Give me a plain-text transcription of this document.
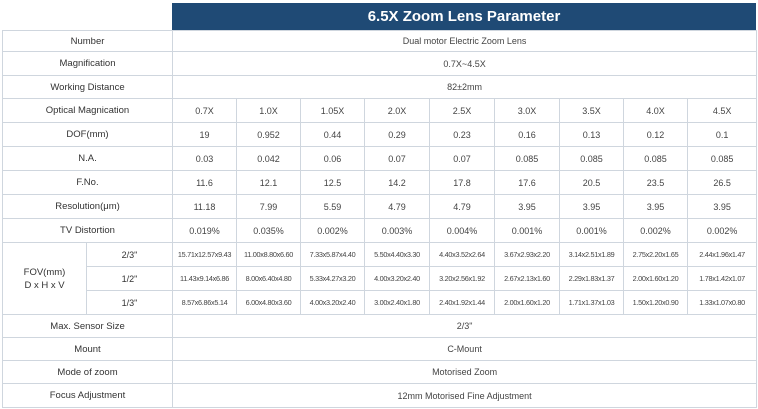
6.5X Zoom Lens Parameter
Number		Dual motor Electric Zoom Lens								
Magnification		0.7X~4.5X								
Working Distance		82±2mm								
Optical Magnication		0.7X	1.0X	1.05X	2.0X	2.5X	3.0X	3.5X	4.0X	4.5X
DOF(mm)		19	0.952	0.44	0.29	0.23	0.16	0.13	0.12	0.1
N.A.		0.03	0.042	0.06	0.07	0.07	0.085	0.085	0.085	0.085
F.No.		11.6	12.1	12.5	14.2	17.8	17.6	20.5	23.5	26.5
Resolution(μm)		11.18	7.99	5.59	4.79	4.79	3.95	3.95	3.95	3.95
TV Distortion		0.019%	0.035%	0.002%	0.003%	0.004%	0.001%	0.001%	0.002%	0.002%

FOV(mm)
D x H x V	2/3"	15.71x12.57x9.43	11.00x8.80x6.60	7.33x5.87x4.40	5.50x4.40x3.30	4.40x3.52x2.64	3.67x2.93x2.20	3.14x2.51x1.89	2.75x2.20x1.65	2.44x1.96x1.47
	1/2"	11.43x9.14x6.86	8.00x6.40x4.80	5.33x4.27x3.20	4.00x3.20x2.40	3.20x2.56x1.92	2.67x2.13x1.60	2.29x1.83x1.37	2.00x1.60x1.20	1.78x1.42x1.07
	1/3"	8.57x6.86x5.14	6.00x4.80x3.60	4.00x3.20x2.40	3.00x2.40x1.80	2.40x1.92x1.44	2.00x1.60x1.20	1.71x1.37x1.03	1.50x1.20x0.90	1.33x1.07x0.80
Max. Sensor Size		2/3"								
Mount		C-Mount								
Mode of zoom		Motorised Zoom								
Focus Adjustment		12mm Motorised Fine Adjustment								
